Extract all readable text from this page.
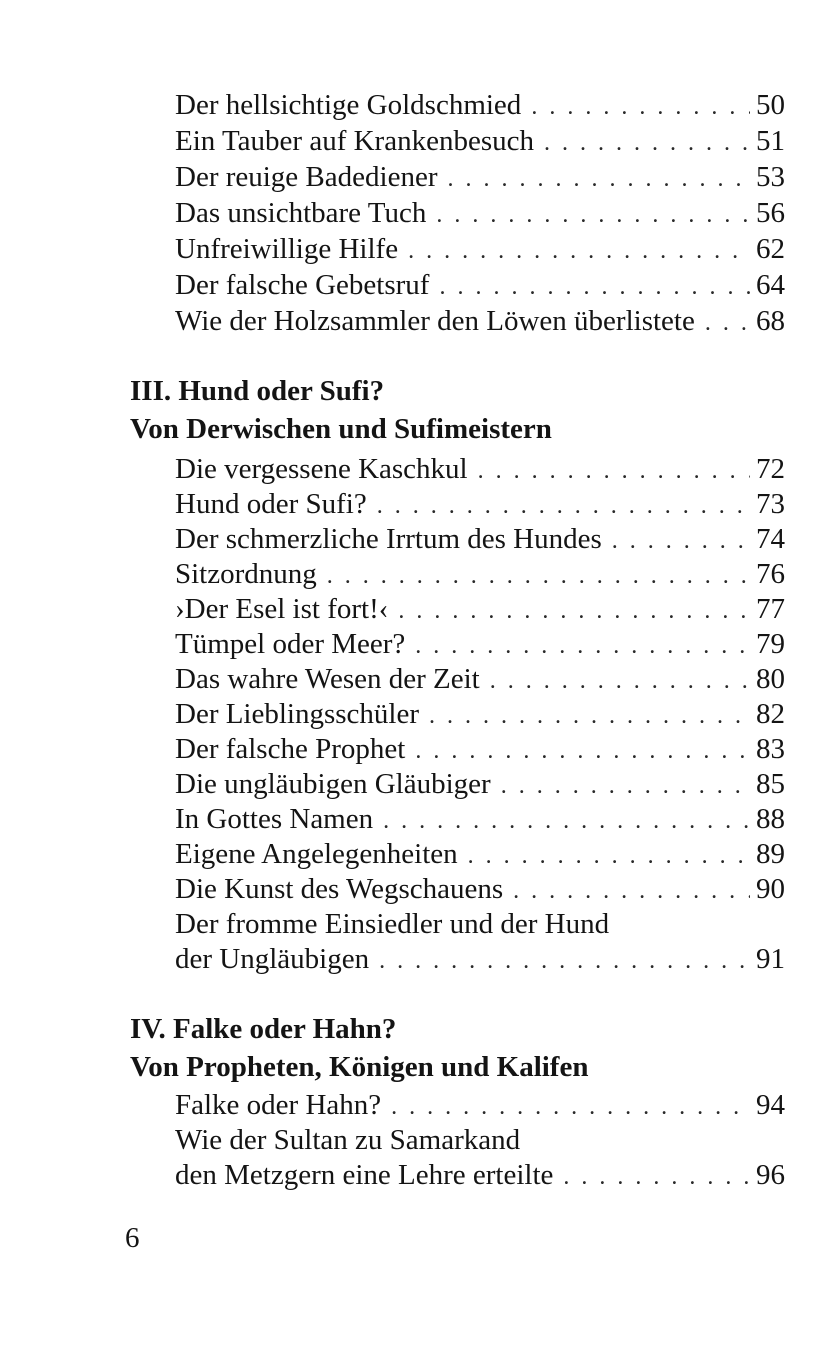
Der hellsichtige Goldschmied . . .	50
Ein Tauber auf Krankenbesuch . . .	51
Der reuige Badediener . . .	53
Das unsichtbare Tuch . . .	56
Unfreiwillige Hilfe . . .	62
Der falsche Gebetsruf . . .	64
Wie der Holzsammler den Löwen überlistete . . . 68
III. Hund oder Sufi?
Von Derwischen und Sufimeistern
Die vergessene Kaschkul . . .	72
Hund oder Sufi? . . .	73
Der schmerzliche Irrtum des Hundes . . .	74
Sitzordnung . . .	76
›Der Esel ist fort!‹ . . .	77
Tümpel oder Meer? . . .	79
Das wahre Wesen der Zeit . . .	80
Der Lieblingsschüler . . .	82
Der falsche Prophet . . .	83
Die ungläubigen Gläubiger . . .	85
In Gottes Namen . . .	88
Eigene Angelegenheiten . . .	89
Die Kunst des Wegschauens . . .	90
Der fromme Einsiedler und der Hund
der Ungläubigen . . .	91
IV. Falke oder Hahn?
Von Propheten, Königen und Kalifen
Falke oder Hahn? . . .	94
Wie der Sultan zu Samarkand
den Metzgern eine Lehre erteilte . . .	96
6
